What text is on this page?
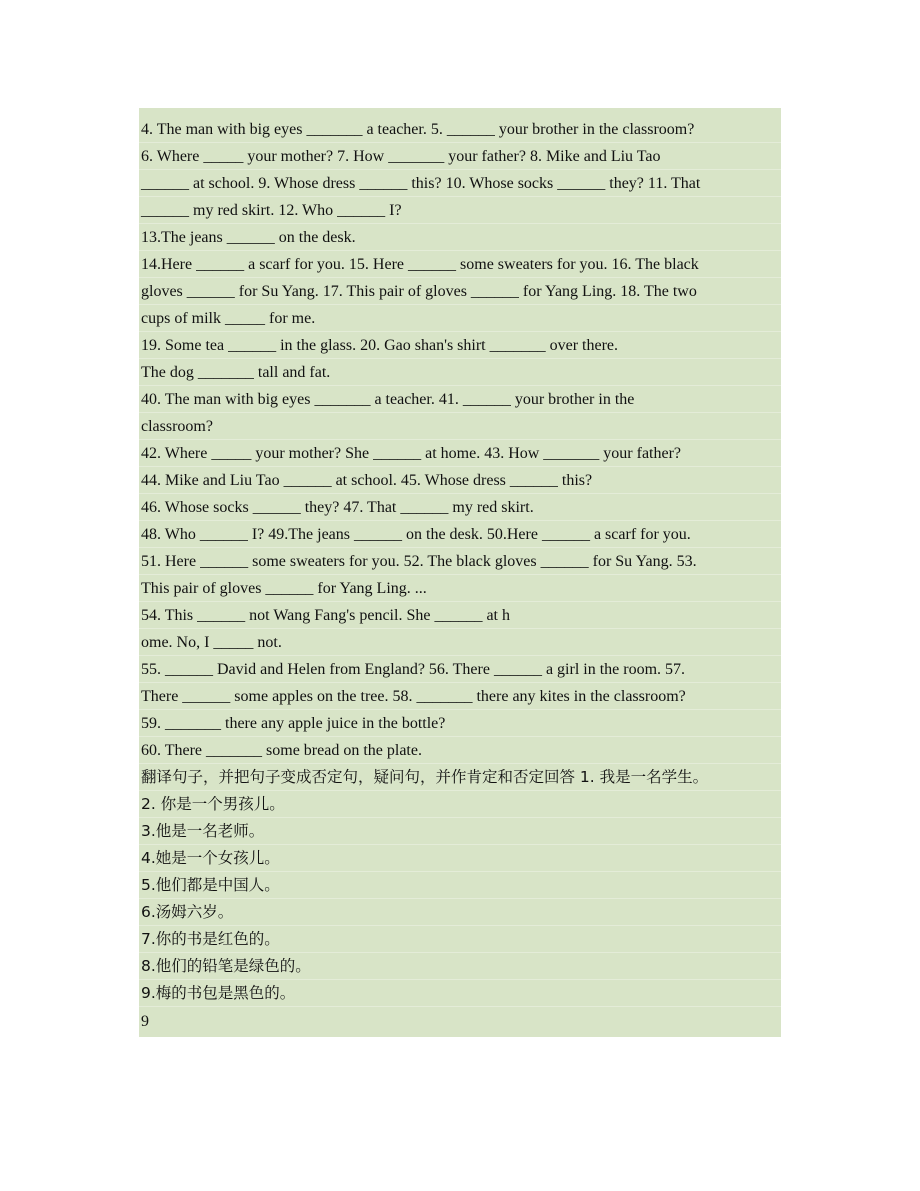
4. The man with big eyes _______ a teacher. 5. ______ your brother in the classroom?
6. Where _____ your mother? 7. How _______ your father? 8. Mike and Liu Tao
______ at school. 9. Whose dress ______ this? 10. Whose socks ______ they? 11. That
______ my red skirt. 12. Who ______ I?
13.The jeans ______ on the desk.
14.Here ______ a scarf for you. 15. Here ______ some sweaters for you. 16. The black
gloves ______ for Su Yang. 17. This pair of gloves ______ for Yang Ling. 18. The two
cups of milk _____ for me.
19. Some tea ______ in the glass. 20. Gao shan's shirt _______ over there.
The dog _______ tall and fat.
40. The man with big eyes _______ a teacher. 41. ______ your brother in the
classroom?
42. Where _____ your mother? She ______ at home. 43. How _______ your father?
44. Mike and Liu Tao ______ at school. 45. Whose dress ______ this?
46. Whose socks ______ they? 47. That ______ my red skirt.
48. Who ______ I? 49.The jeans ______ on the desk. 50.Here ______ a scarf for you.
51. Here ______ some sweaters for you. 52. The black gloves ______ for Su Yang. 53.
This pair of gloves ______ for Yang Ling. ...
54. This ______ not Wang Fang's pencil. She ______ at h
ome. No, I _____ not.
55. ______ David and Helen from England? 56. There ______ a girl in the room. 57.
There ______ some apples on the tree. 58. _______ there any kites in the classroom?
59. _______ there any apple juice in the bottle?
60. There _______ some bread on the plate.
翻译句子，并把句子变成否定句，疑问句，并作肯定和否定回答 1. 我是一名学生。
2. 你是一个男孩儿。
3.他是一名老师。
4.她是一个女孩儿。
5.他们都是中国人。
6.汤姆六岁。
7.你的书是红色的。
8.他们的铅笔是绿色的。
9.梅的书包是黑色的。
9
